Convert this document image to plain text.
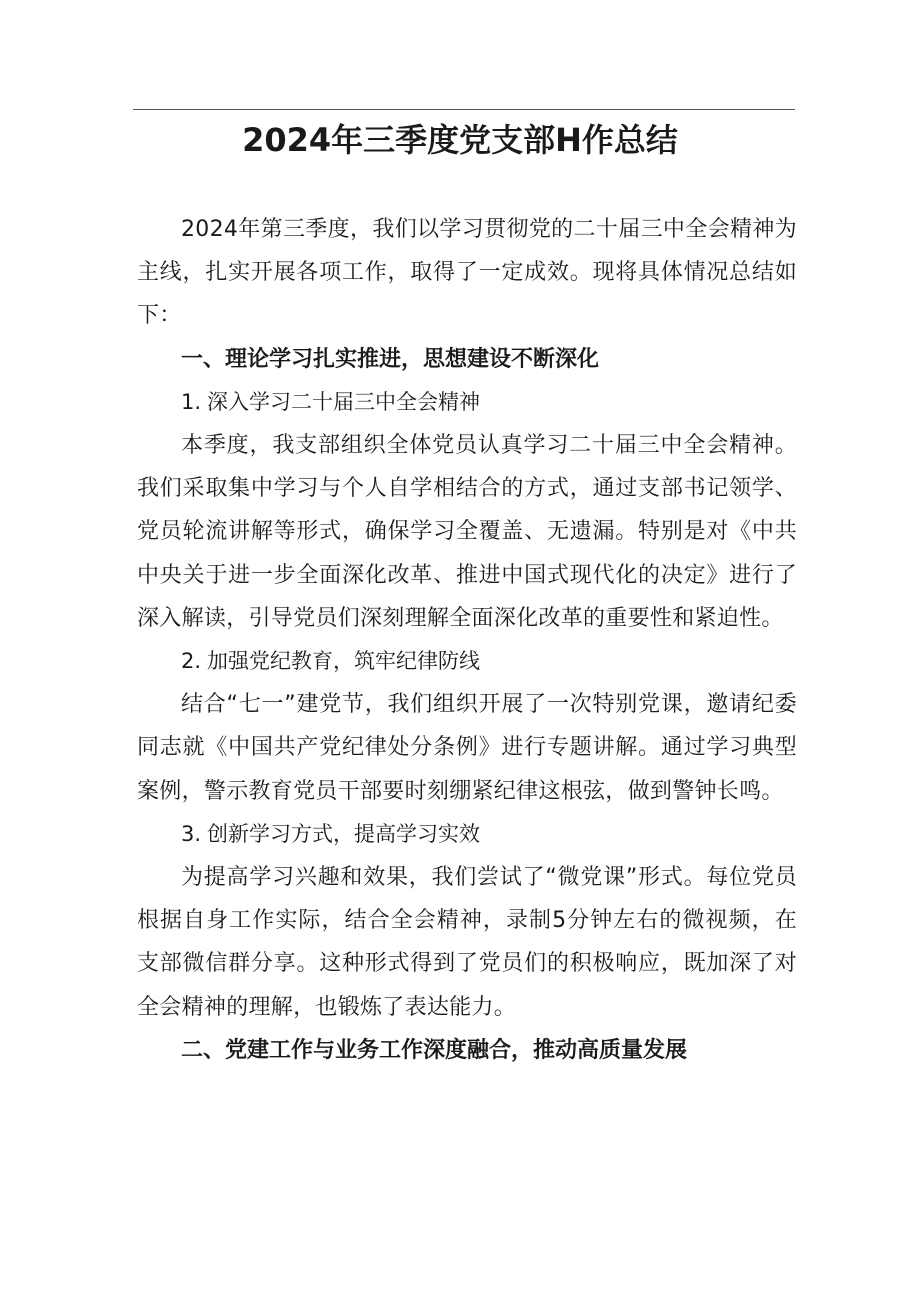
2024年三季度党支部H作总结

2024年第三季度，我们以学习贯彻党的二十届三中全会精神为主线，扎实开展各项工作，取得了一定成效。现将具体情况总结如下：

一、理论学习扎实推进，思想建设不断深化

1. 深入学习二十届三中全会精神

本季度，我支部组织全体党员认真学习二十届三中全会精神。我们采取集中学习与个人自学相结合的方式，通过支部书记领学、党员轮流讲解等形式，确保学习全覆盖、无遗漏。特别是对《中共中央关于进一步全面深化改革、推进中国式现代化的决定》进行了深入解读，引导党员们深刻理解全面深化改革的重要性和紧迫性。

2. 加强党纪教育，筑牢纪律防线

结合“七一”建党节，我们组织开展了一次特别党课，邀请纪委同志就《中国共产党纪律处分条例》进行专题讲解。通过学习典型案例，警示教育党员干部要时刻绷紧纪律这根弦，做到警钟长鸣。

3. 创新学习方式，提高学习实效

为提高学习兴趣和效果，我们尝试了“微党课”形式。每位党员根据自身工作实际，结合全会精神，录制5分钟左右的微视频，在支部微信群分享。这种形式得到了党员们的积极响应，既加深了对全会精神的理解，也锻炼了表达能力。

二、党建工作与业务工作深度融合，推动高质量发展
